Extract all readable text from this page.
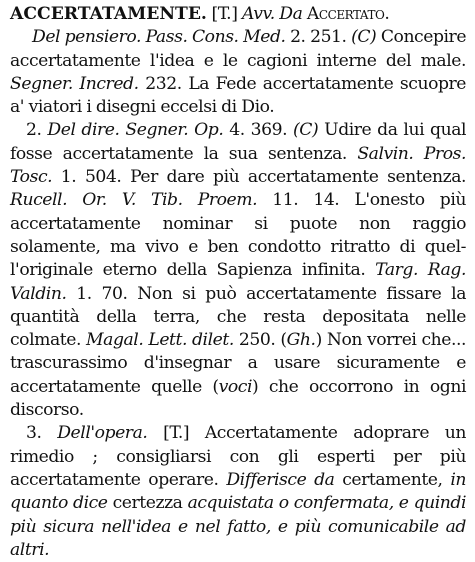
ACCERTATAMENTE. [T.] Avv. Da Accertato.

Del pensiero. Pass. Cons. Med. 2. 251. (C) Concepire accertatamente l'idea e le cagioni interne del male. Segner. Incred. 232. La Fede accertatamente scuopre a' viatori i disegni eccelsi di Dio.

2. Del dire. Segner. Op. 4. 369. (C) Udire da lui qual fosse accertatamente la sua sentenza. Salvin. Pros. Tosc. 1. 504. Per dare più accertatamente sentenza. Rucell. Or. V. Tib. Proem. 11. 14. L'onesto più accertatamente nominar si puote non raggio solamente, ma vivo e ben condotto ritratto di quel-l'originale eterno della Sapienza infinita. Targ. Rag. Valdin. 1. 70. Non si può accertatamente fissare la quantità della terra, che resta depositata nelle colmate. Magal. Lett. dilet. 250. (Gh.) Non vorrei che... trascurassimo d'insegnar a usare sicuramente e accertatamente quelle (voci) che occorrono in ogni discorso.

3. Dell'opera. [T.] Accertatamente adoprare un rimedio ; consigliarsi con gli esperti per più accertatamente operare. Differisce da certamente, in quanto dice certezza acquistata o confermata, e quindi più sicura nell'idea e nel fatto, e più comunicabile ad altri.
